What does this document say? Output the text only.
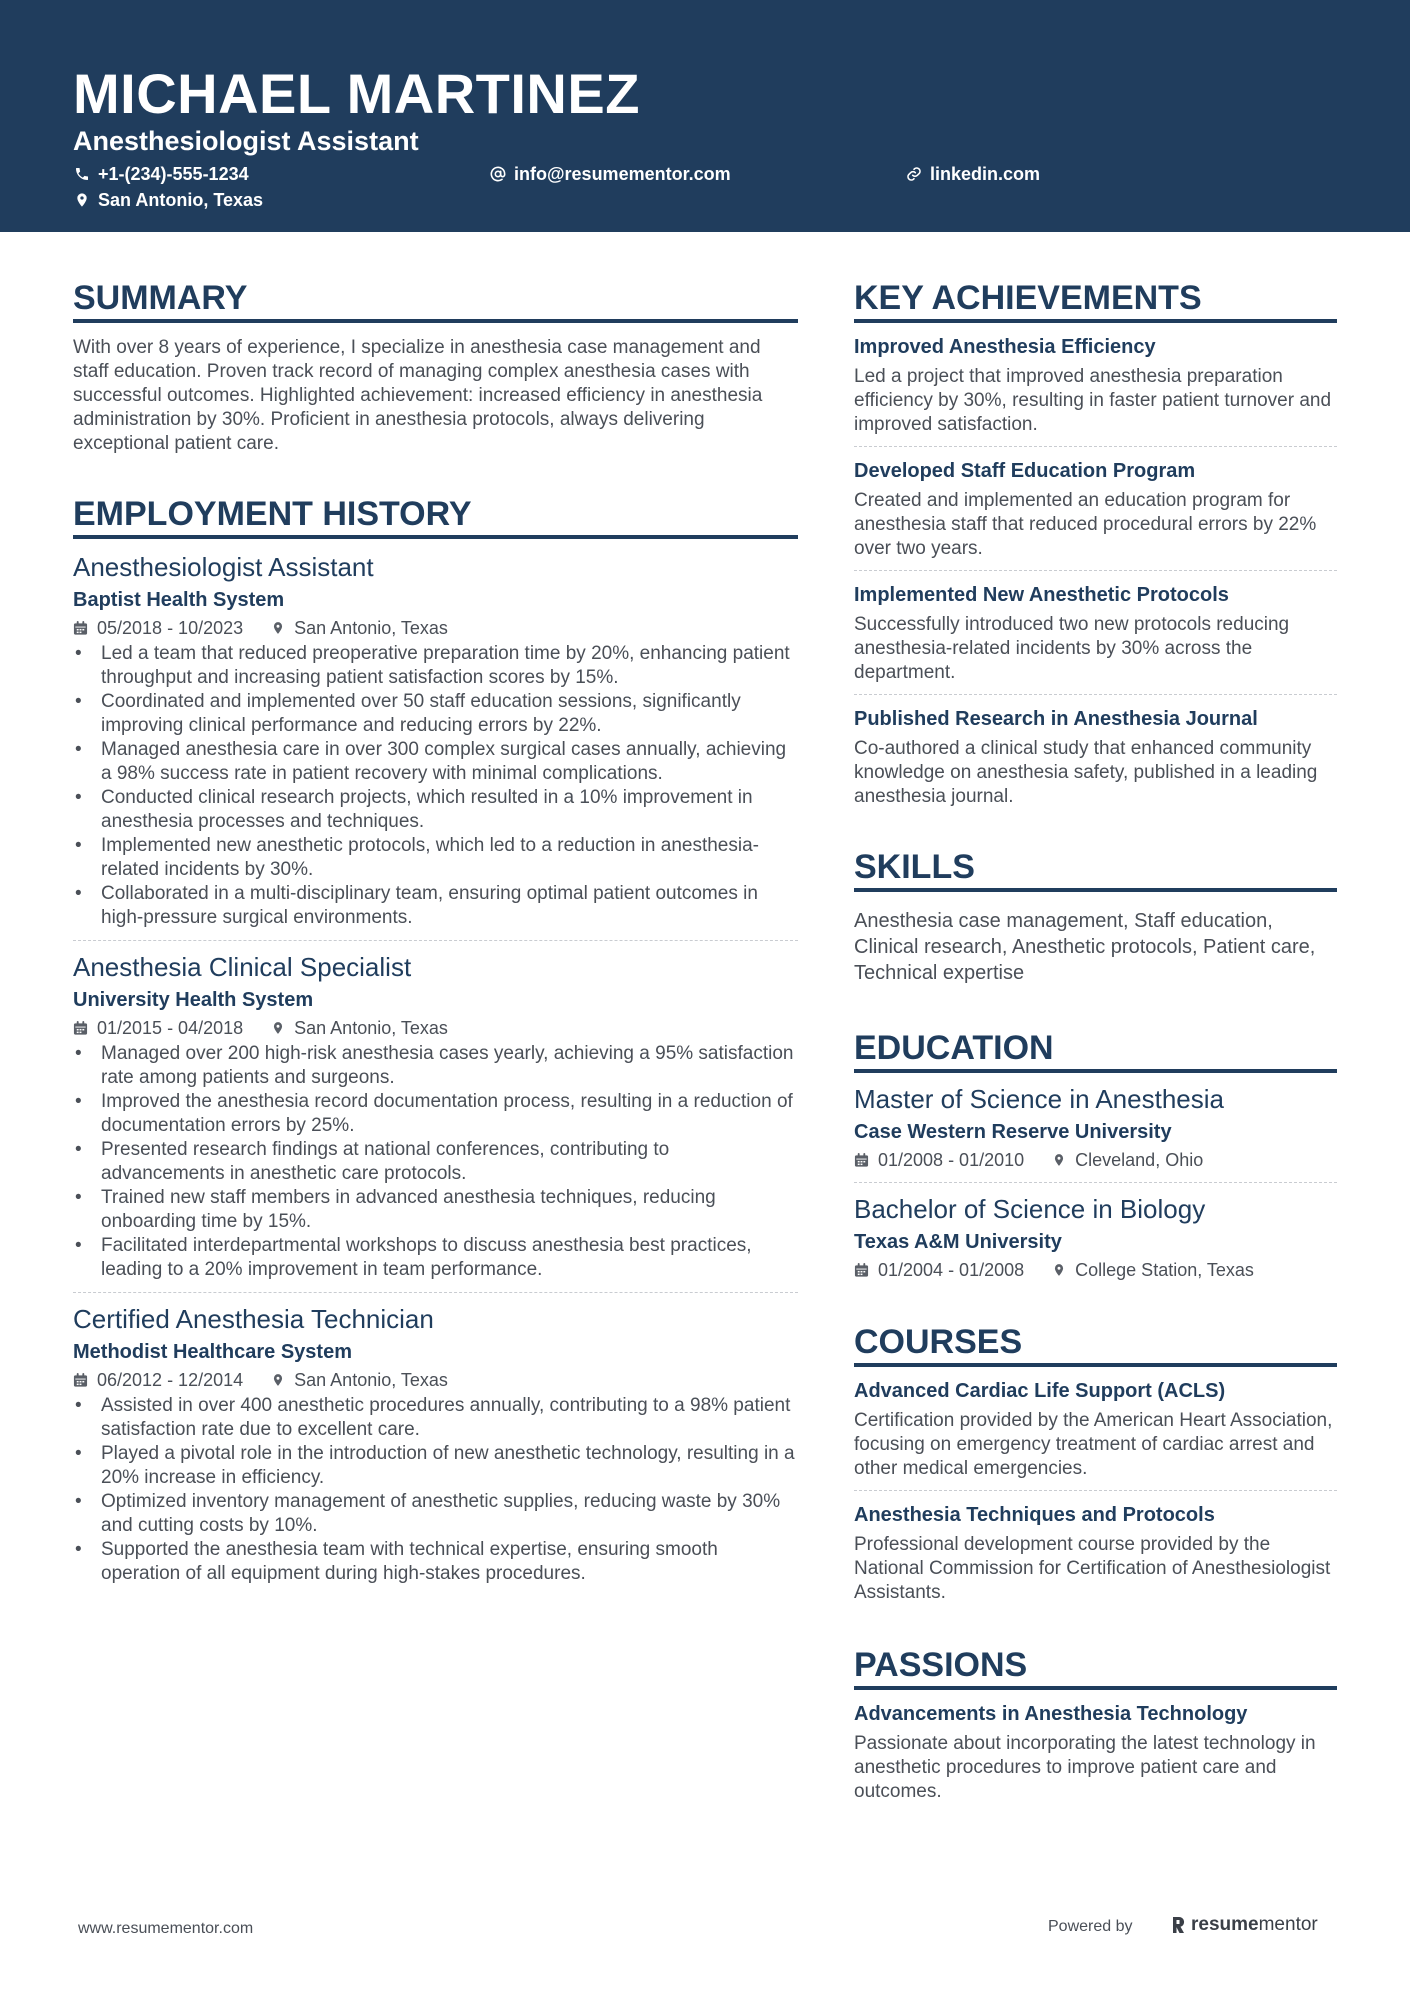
MICHAEL MARTINEZ
Anesthesiologist Assistant
+1-(234)-555-1234	info@resumementor.com	linkedin.com
San Antonio, Texas
SUMMARY
With over 8 years of experience, I specialize in anesthesia case management and staff education. Proven track record of managing complex anesthesia cases with successful outcomes. Highlighted achievement: increased efficiency in anesthesia administration by 30%. Proficient in anesthesia protocols, always delivering exceptional patient care.
EMPLOYMENT HISTORY
Anesthesiologist Assistant
Baptist Health System
05/2018 - 10/2023	San Antonio, Texas
• Led a team that reduced preoperative preparation time by 20%, enhancing patient throughput and increasing patient satisfaction scores by 15%.
• Coordinated and implemented over 50 staff education sessions, significantly improving clinical performance and reducing errors by 22%.
• Managed anesthesia care in over 300 complex surgical cases annually, achieving a 98% success rate in patient recovery with minimal complications.
• Conducted clinical research projects, which resulted in a 10% improvement in anesthesia processes and techniques.
• Implemented new anesthetic protocols, which led to a reduction in anesthesia-related incidents by 30%.
• Collaborated in a multi-disciplinary team, ensuring optimal patient outcomes in high-pressure surgical environments.
Anesthesia Clinical Specialist
University Health System
01/2015 - 04/2018	San Antonio, Texas
• Managed over 200 high-risk anesthesia cases yearly, achieving a 95% satisfaction rate among patients and surgeons.
• Improved the anesthesia record documentation process, resulting in a reduction of documentation errors by 25%.
• Presented research findings at national conferences, contributing to advancements in anesthetic care protocols.
• Trained new staff members in advanced anesthesia techniques, reducing onboarding time by 15%.
• Facilitated interdepartmental workshops to discuss anesthesia best practices, leading to a 20% improvement in team performance.
Certified Anesthesia Technician
Methodist Healthcare System
06/2012 - 12/2014	San Antonio, Texas
• Assisted in over 400 anesthetic procedures annually, contributing to a 98% patient satisfaction rate due to excellent care.
• Played a pivotal role in the introduction of new anesthetic technology, resulting in a 20% increase in efficiency.
• Optimized inventory management of anesthetic supplies, reducing waste by 30% and cutting costs by 10%.
• Supported the anesthesia team with technical expertise, ensuring smooth operation of all equipment during high-stakes procedures.
KEY ACHIEVEMENTS
Improved Anesthesia Efficiency
Led a project that improved anesthesia preparation efficiency by 30%, resulting in faster patient turnover and improved satisfaction.
Developed Staff Education Program
Created and implemented an education program for anesthesia staff that reduced procedural errors by 22% over two years.
Implemented New Anesthetic Protocols
Successfully introduced two new protocols reducing anesthesia-related incidents by 30% across the department.
Published Research in Anesthesia Journal
Co-authored a clinical study that enhanced community knowledge on anesthesia safety, published in a leading anesthesia journal.
SKILLS
Anesthesia case management, Staff education, Clinical research, Anesthetic protocols, Patient care, Technical expertise
EDUCATION
Master of Science in Anesthesia
Case Western Reserve University
01/2008 - 01/2010	Cleveland, Ohio
Bachelor of Science in Biology
Texas A&M University
01/2004 - 01/2008	College Station, Texas
COURSES
Advanced Cardiac Life Support (ACLS)
Certification provided by the American Heart Association, focusing on emergency treatment of cardiac arrest and other medical emergencies.
Anesthesia Techniques and Protocols
Professional development course provided by the National Commission for Certification of Anesthesiologist Assistants.
PASSIONS
Advancements in Anesthesia Technology
Passionate about incorporating the latest technology in anesthetic procedures to improve patient care and outcomes.
www.resumementor.com	Powered by	resume mentor
